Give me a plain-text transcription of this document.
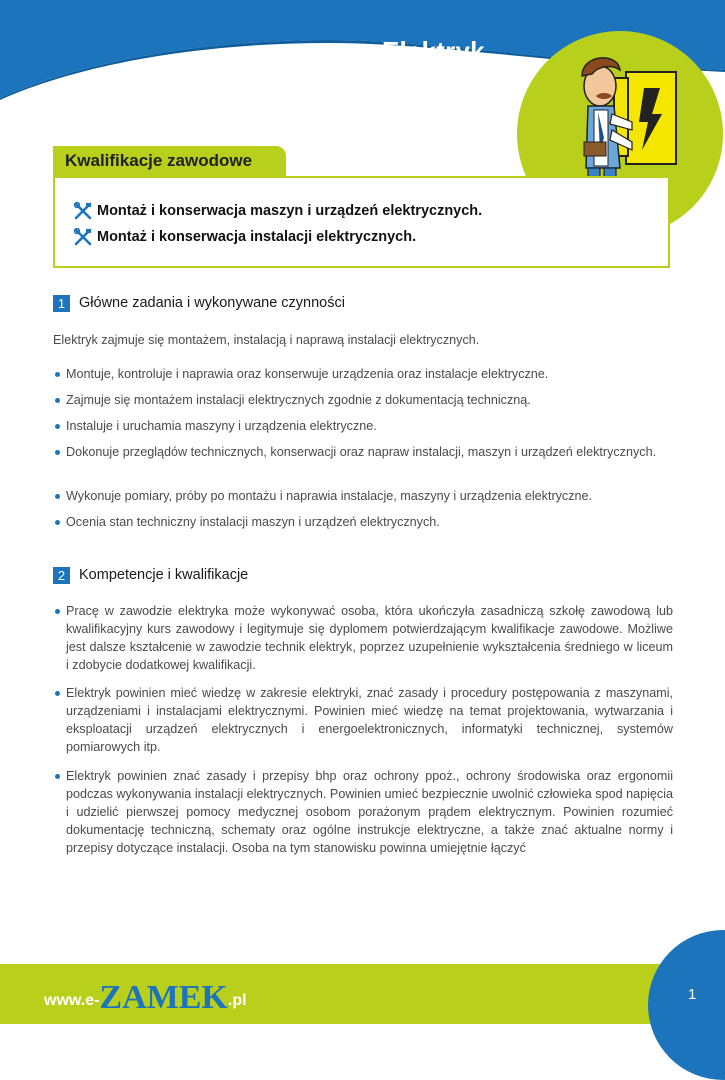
Elektryk
Kwalifikacje zawodowe
Montaż i konserwacja maszyn i urządzeń elektrycznych.
Montaż i konserwacja instalacji elektrycznych.
1 Główne zadania i wykonywane czynności
Elektryk zajmuje się montażem, instalacją i naprawą instalacji elektrycznych.
Montuje, kontroluje i naprawia oraz konserwuje urządzenia oraz instalacje elektryczne.
Zajmuje się montażem instalacji elektrycznych zgodnie z dokumentacją techniczną.
Instaluje i uruchamia maszyny i urządzenia elektryczne.
Dokonuje przeglądów technicznych, konserwacji oraz napraw instalacji, maszyn i urządzeń elektrycznych.
Wykonuje pomiary, próby po montażu i naprawia instalacje, maszyny i urządzenia elektryczne.
Ocenia stan techniczny instalacji maszyn i urządzeń elektrycznych.
2 Kompetencje i kwalifikacje
Pracę w zawodzie elektryka może wykonywać osoba, która ukończyła zasadniczą szkołę zawodową lub kwalifikacyjny kurs zawodowy i legitymuje się dyplomem potwierdzającym kwalifikacje zawodowe. Możliwe jest dalsze kształcenie w zawodzie technik elektryk, poprzez uzupełnienie wykształcenia średniego w liceum i zdobycie dodatkowej kwalifikacji.
Elektryk powinien mieć wiedzę w zakresie elektryki, znać zasady i procedury postępowania z maszynami, urządzeniami i instalacjami elektrycznymi. Powinien mieć wiedzę na temat projektowania, wytwarzania i eksploatacji urządzeń elektrycznych i energoelektronicznych, informatyki technicznej, systemów pomiarowych itp.
Elektryk powinien znać zasady i przepisy bhp oraz ochrony ppoż., ochrony środowiska oraz ergonomii podczas wykonywania instalacji elektrycznych. Powinien umieć bezpiecznie uwolnić człowieka spod napięcia i udzielić pierwszej pomocy medycznej osobom porażonym prądem elektrycznym. Powinien rozumieć dokumentację techniczną, schematy oraz ogólne instrukcje elektryczne, a także znać aktualne normy i przepisy dotyczące instalacji. Osoba na tym stanowisku powinna umiejętnie łączyć
1
www.e- ZAMEK .pl
